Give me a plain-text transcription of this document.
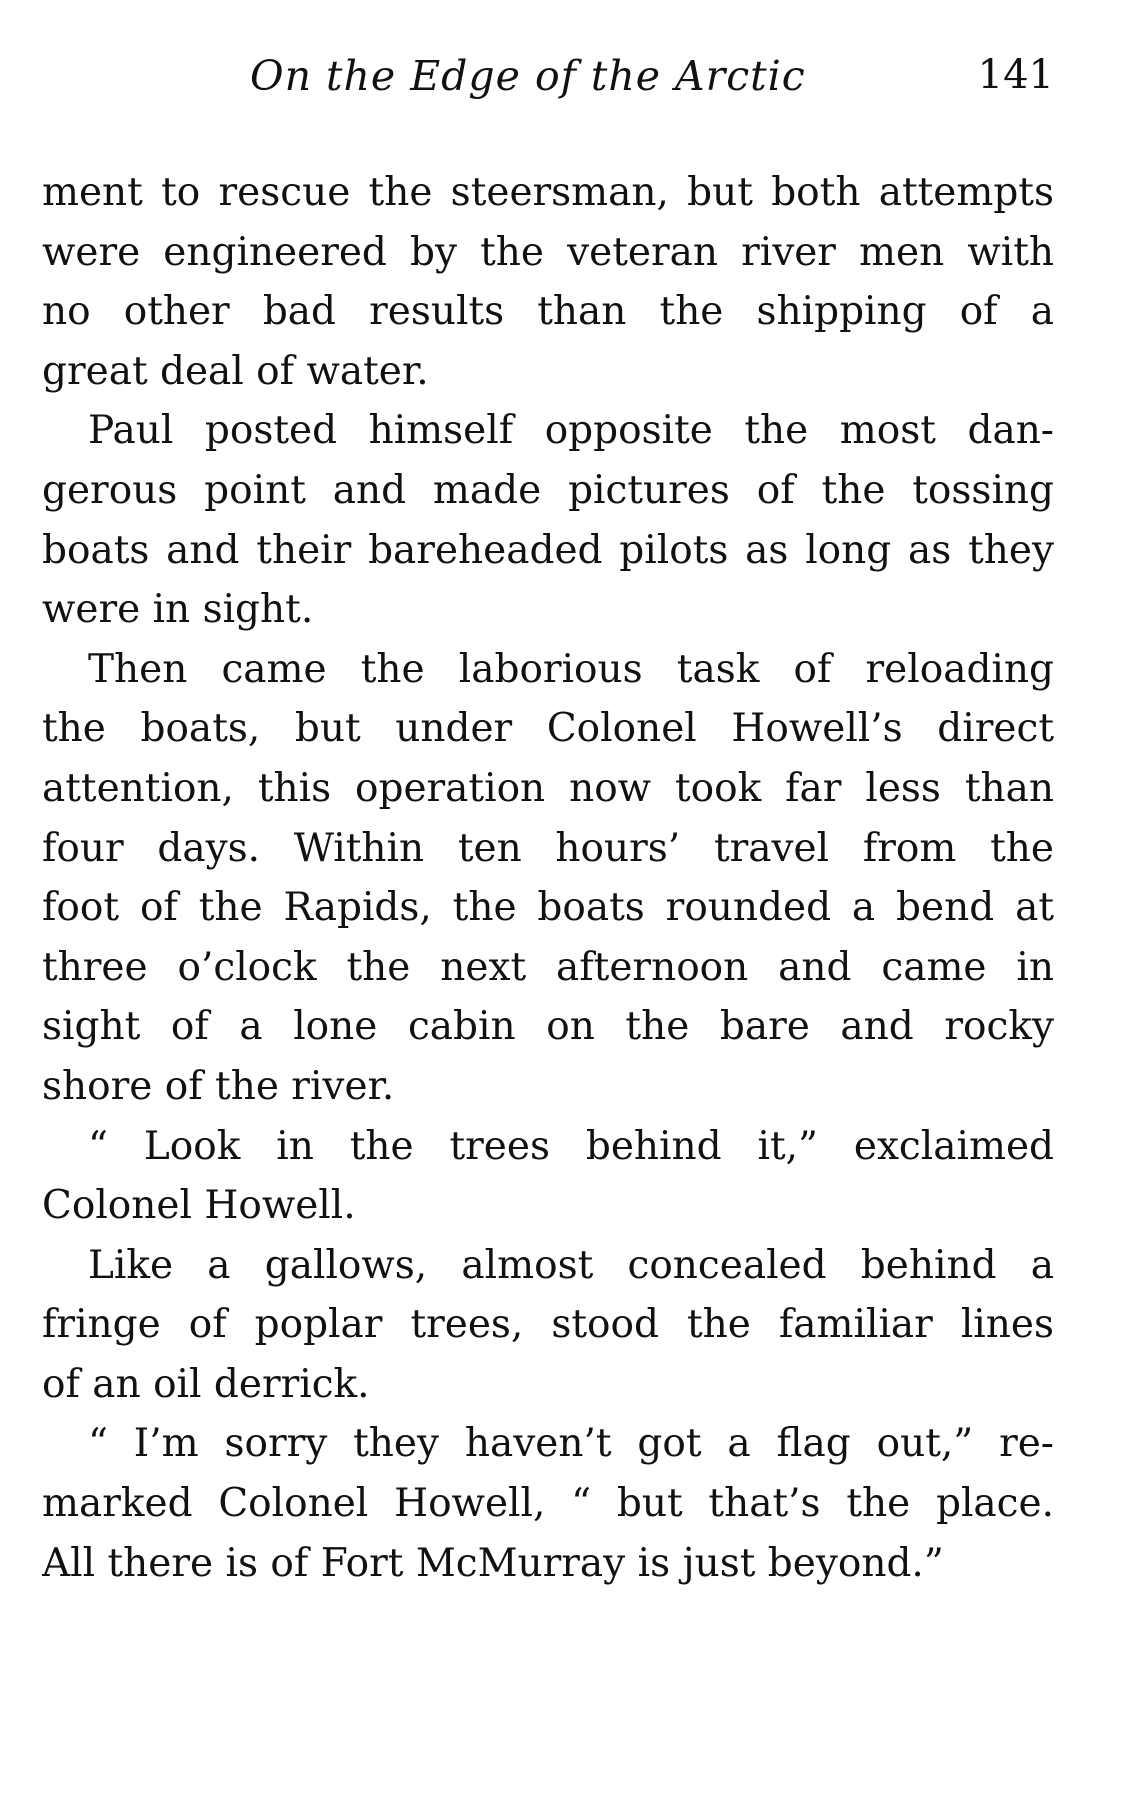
On the Edge of the Arctic	141
ment to rescue the steersman, but both attempts
were engineered by the veteran river men with
no other bad results than the shipping of a
great deal of water.
Paul posted himself opposite the most dan-
gerous point and made pictures of the tossing
boats and their bareheaded pilots as long as they
were in sight.
Then came the laborious task of reloading
the boats, but under Colonel Howell’s direct
attention, this operation now took far less than
four days. Within ten hours’ travel from the
foot of the Rapids, the boats rounded a bend at
three o’clock the next afternoon and came in
sight of a lone cabin on the bare and rocky
shore of the river.
“ Look in the trees behind it,” exclaimed
Colonel Howell.
Like a gallows, almost concealed behind a
fringe of poplar trees, stood the familiar lines
of an oil derrick.
“ I’m sorry they haven’t got a flag out,” re-
marked Colonel Howell, “ but that’s the place.
All there is of Fort McMurray is just beyond.”
